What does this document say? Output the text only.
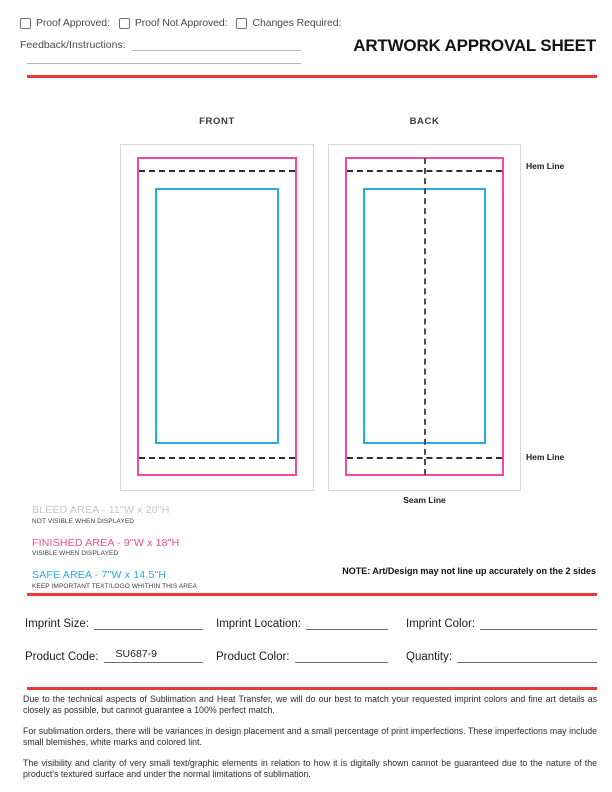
Proof Approved: Proof Not Approved: Changes Required:
Feedback/Instructions:	ARTWORK APPROVAL SHEET
FRONT	BACK
Hem Line
Hem Line
Seam Line
BLEED AREA - 11"W x 20"H
NOT VISIBLE WHEN DISPLAYED
FINISHED AREA - 9"W x 18"H
VISIBLE WHEN DISPLAYED
SAFE AREA - 7"W x 14.5"H
KEEP IMPORTANT TEXT/LOGO WHITHIN THIS AREA
NOTE: Art/Design may not line up accurately on the 2 sides
Imprint Size:	Imprint Location:	Imprint Color:
Product Code: SU687-9	Product Color:	Quantity:

Due to the technical aspects of Sublimation and Heat Transfer, we will do our best to match your requested imprint colors and fine art details as closely as possible, but cannot guarantee a 100% perfect match.

For sublimation orders, there will be variances in design placement and a small percentage of print imperfections. These imperfections may include small blemishes, white marks and colored lint.

The visibility and clarity of very small text/graphic elements in relation to how it is digitally shown cannot be guaranteed due to the nature of the product's textured surface and under the normal limitations of sublimation.
